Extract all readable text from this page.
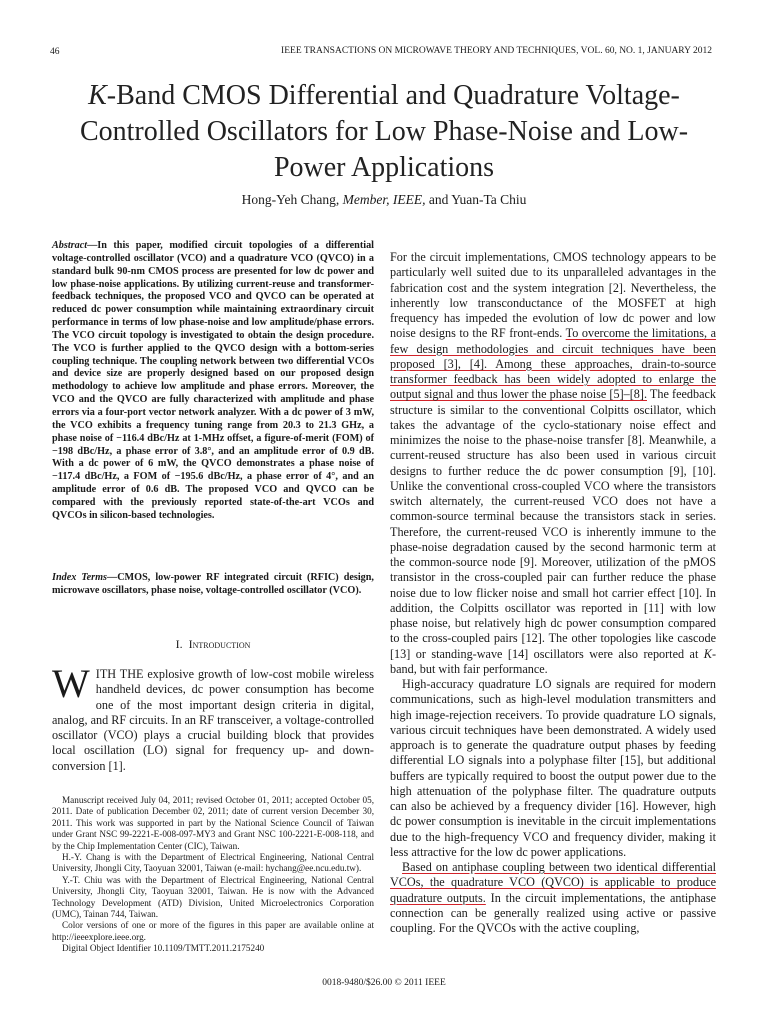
46	IEEE TRANSACTIONS ON MICROWAVE THEORY AND TECHNIQUES, VOL. 60, NO. 1, JANUARY 2012
K-Band CMOS Differential and Quadrature Voltage-Controlled Oscillators for Low Phase-Noise and Low-Power Applications
Hong-Yeh Chang, Member, IEEE, and Yuan-Ta Chiu
Abstract—In this paper, modified circuit topologies of a differential voltage-controlled oscillator (VCO) and a quadrature VCO (QVCO) in a standard bulk 90-nm CMOS process are presented for low dc power and low phase-noise applications. By utilizing current-reuse and transformer-feedback techniques, the proposed VCO and QVCO can be operated at reduced dc power consumption while maintaining extraordinary circuit performance in terms of low phase-noise and low amplitude/phase errors. The VCO circuit topology is investigated to obtain the design procedure. The VCO is further applied to the QVCO design with a bottom-series coupling technique. The coupling network between two differential VCOs and device size are properly designed based on our proposed design methodology to achieve low amplitude and phase errors. Moreover, the VCO and the QVCO are fully characterized with amplitude and phase errors via a four-port vector network analyzer. With a dc power of 3 mW, the VCO exhibits a frequency tuning range from 20.3 to 21.3 GHz, a phase noise of −116.4 dBc/Hz at 1-MHz offset, a figure-of-merit (FOM) of −198 dBc/Hz, a phase error of 3.8°, and an amplitude error of 0.9 dB. With a dc power of 6 mW, the QVCO demonstrates a phase noise of −117.4 dBc/Hz, a FOM of −195.6 dBc/Hz, a phase error of 4°, and an amplitude error of 0.6 dB. The proposed VCO and QVCO can be compared with the previously reported state-of-the-art VCOs and QVCOs in silicon-based technologies.
Index Terms—CMOS, low-power RF integrated circuit (RFIC) design, microwave oscillators, phase noise, voltage-controlled oscillator (VCO).
I. Introduction
WITH THE explosive growth of low-cost mobile wireless handheld devices, dc power consumption has become one of the most important design criteria in digital, analog, and RF circuits. In an RF transceiver, a voltage-controlled oscillator (VCO) plays a crucial building block that provides local oscillation (LO) signal for frequency up- and down-conversion [1].

Manuscript received July 04, 2011; revised October 01, 2011; accepted October 05, 2011. Date of publication December 02, 2011; date of current version December 30, 2011. This work was supported in part by the National Science Council of Taiwan under Grant NSC 99-2221-E-008-097-MY3 and Grant NSC 100-2221-E-008-118, and by the Chip Implementation Center (CIC), Taiwan.

H.-Y. Chang is with the Department of Electrical Engineering, National Central University, Jhongli City, Taoyuan 32001, Taiwan (e-mail: hychang@ee.ncu.edu.tw).

Y.-T. Chiu was with the Department of Electrical Engineering, National Central University, Jhongli City, Taoyuan 32001, Taiwan. He is now with the Advanced Technology Development (ATD) Division, United Microelectronics Corporation (UMC), Tainan 744, Taiwan.

Color versions of one or more of the figures in this paper are available online at http://ieeexplore.ieee.org.

Digital Object Identifier 10.1109/TMTT.2011.2175240

For the circuit implementations, CMOS technology appears to be particularly well suited due to its unparalleled advantages in the fabrication cost and the system integration [2]. Nevertheless, the inherently low transconductance of the MOSFET at high frequency has impeded the evolution of low dc power and low noise designs to the RF front-ends. To overcome the limitations, a few design methodologies and circuit techniques have been proposed [3], [4]. Among these approaches, drain-to-source transformer feedback has been widely adopted to enlarge the output signal and thus lower the phase noise [5]–[8]. The feedback structure is similar to the conventional Colpitts oscillator, which takes the advantage of the cyclo-stationary noise effect and minimizes the noise to the phase-noise transfer [8]. Meanwhile, a current-reused structure has also been used in various circuit designs to further reduce the dc power consumption [9], [10]. Unlike the conventional cross-coupled VCO where the transistors switch alternately, the current-reused VCO does not have a common-source terminal because the transistors stack in series. Therefore, the current-reused VCO is inherently immune to the phase-noise degradation caused by the second harmonic term at the common-source node [9]. Moreover, utilization of the pMOS transistor in the cross-coupled pair can further reduce the phase noise due to low flicker noise and small hot carrier effect [10]. In addition, the Colpitts oscillator was reported in [11] with low phase noise, but relatively high dc power consumption compared to the cross-coupled pairs [12]. The other topologies like cascode [13] or standing-wave [14] oscillators were also reported at K-band, but with fair performance.

High-accuracy quadrature LO signals are required for modern communications, such as high-level modulation transmitters and high image-rejection receivers. To provide quadrature LO signals, various circuit techniques have been demonstrated. A widely used approach is to generate the quadrature output phases by feeding differential LO signals into a polyphase filter [15], but additional buffers are typically required to boost the output power due to the high attenuation of the polyphase filter. The quadrature outputs can also be achieved by a frequency divider [16]. However, high dc power consumption is inevitable in the circuit implementations due to the high-frequency VCO and frequency divider, making it less attractive for the low dc power applications.

Based on antiphase coupling between two identical differential VCOs, the quadrature VCO (QVCO) is applicable to produce quadrature outputs. In the circuit implementations, the antiphase connection can be generally realized using active or passive coupling. For the QVCOs with the active coupling,

0018-9480/$26.00 © 2011 IEEE
